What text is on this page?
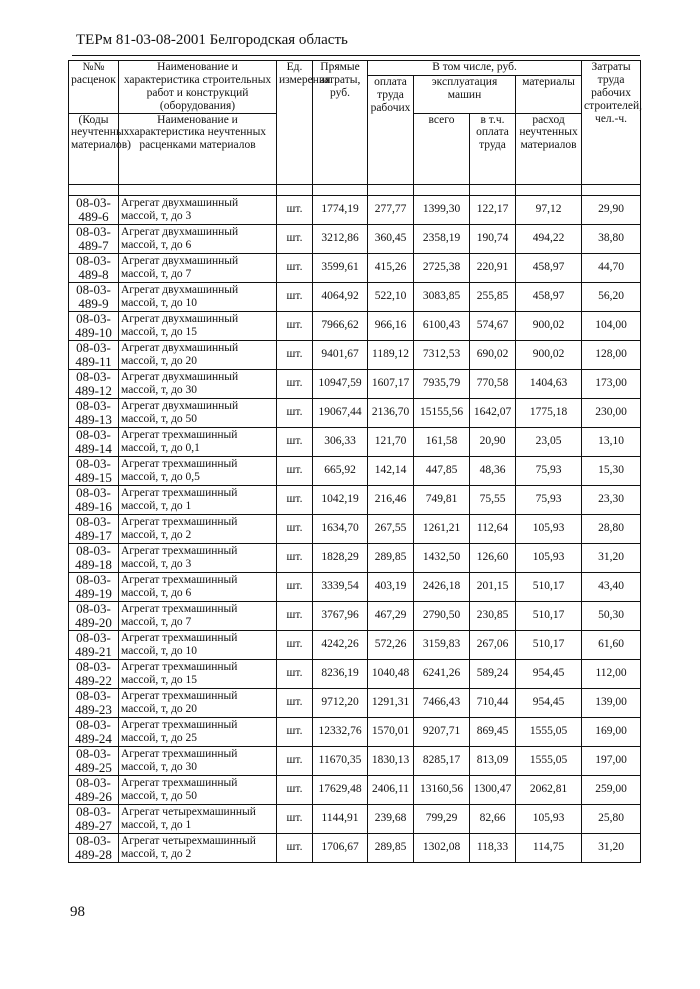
ТЕРм 81-03-08-2001 Белгородская область
№№ расценок	Наименование и характеристика строительных работ и конструкций (оборудования)	Ед. измерения	Прямые затраты, руб.	В том числе, руб.				Затраты труда рабочих строителей, чел.-ч.
				оплата труда рабочих	эксплуатация машин		материалы	
(Коды неучтенных материалов)	Наименование и характеристика неучтенных расценками материалов				всего	в т.ч. оплата труда	расход неучтенных материалов	

08-03-489-6	Агрегат двухмашинный массой, т, до 3	шт.	1774,19	277,77	1399,30	122,17	97,12	29,90
08-03-489-7	Агрегат двухмашинный массой, т, до 6	шт.	3212,86	360,45	2358,19	190,74	494,22	38,80
08-03-489-8	Агрегат двухмашинный массой, т, до 7	шт.	3599,61	415,26	2725,38	220,91	458,97	44,70
08-03-489-9	Агрегат двухмашинный массой, т, до 10	шт.	4064,92	522,10	3083,85	255,85	458,97	56,20
08-03-489-10	Агрегат двухмашинный массой, т, до 15	шт.	7966,62	966,16	6100,43	574,67	900,02	104,00
08-03-489-11	Агрегат двухмашинный массой, т, до 20	шт.	9401,67	1189,12	7312,53	690,02	900,02	128,00
08-03-489-12	Агрегат двухмашинный массой, т, до 30	шт.	10947,59	1607,17	7935,79	770,58	1404,63	173,00
08-03-489-13	Агрегат двухмашинный массой, т, до 50	шт.	19067,44	2136,70	15155,56	1642,07	1775,18	230,00
08-03-489-14	Агрегат трехмашинный массой, т, до 0,1	шт.	306,33	121,70	161,58	20,90	23,05	13,10
08-03-489-15	Агрегат трехмашинный массой, т, до 0,5	шт.	665,92	142,14	447,85	48,36	75,93	15,30
08-03-489-16	Агрегат трехмашинный массой, т, до 1	шт.	1042,19	216,46	749,81	75,55	75,93	23,30
08-03-489-17	Агрегат трехмашинный массой, т, до 2	шт.	1634,70	267,55	1261,21	112,64	105,93	28,80
08-03-489-18	Агрегат трехмашинный массой, т, до 3	шт.	1828,29	289,85	1432,50	126,60	105,93	31,20
08-03-489-19	Агрегат трехмашинный массой, т, до 6	шт.	3339,54	403,19	2426,18	201,15	510,17	43,40
08-03-489-20	Агрегат трехмашинный массой, т, до 7	шт.	3767,96	467,29	2790,50	230,85	510,17	50,30
08-03-489-21	Агрегат трехмашинный массой, т, до 10	шт.	4242,26	572,26	3159,83	267,06	510,17	61,60
08-03-489-22	Агрегат трехмашинный массой, т, до 15	шт.	8236,19	1040,48	6241,26	589,24	954,45	112,00
08-03-489-23	Агрегат трехмашинный массой, т, до 20	шт.	9712,20	1291,31	7466,43	710,44	954,45	139,00
08-03-489-24	Агрегат трехмашинный массой, т, до 25	шт.	12332,76	1570,01	9207,71	869,45	1555,05	169,00
08-03-489-25	Агрегат трехмашинный массой, т, до 30	шт.	11670,35	1830,13	8285,17	813,09	1555,05	197,00
08-03-489-26	Агрегат трехмашинный массой, т, до 50	шт.	17629,48	2406,11	13160,56	1300,47	2062,81	259,00
08-03-489-27	Агрегат четырехмашинный массой, т, до 1	шт.	1144,91	239,68	799,29	82,66	105,93	25,80
08-03-489-28	Агрегат четырехмашинный массой, т, до 2	шт.	1706,67	289,85	1302,08	118,33	114,75	31,20
98
